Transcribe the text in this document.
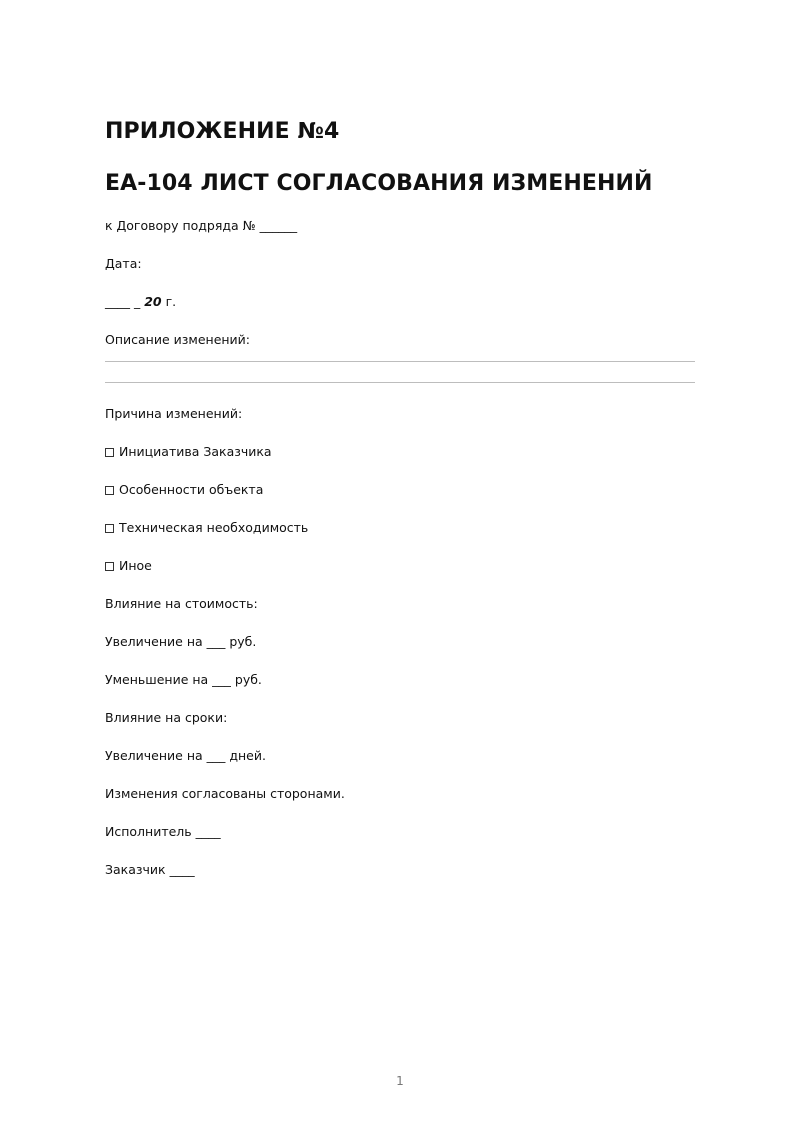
ПРИЛОЖЕНИЕ №4
ЕА-104 ЛИСТ СОГЛАСОВАНИЯ ИЗМЕНЕНИЙ

к Договору подряда № ______

Дата:

____ _ 20 г.

Описание изменений:

Причина изменений:

Инициатива Заказчика

Особенности объекта

Техническая необходимость

Иное

Влияние на стоимость:

Увеличение на ___ руб.

Уменьшение на ___ руб.

Влияние на сроки:

Увеличение на ___ дней.

Изменения согласованы сторонами.

Исполнитель ____

Заказчик ____

1
